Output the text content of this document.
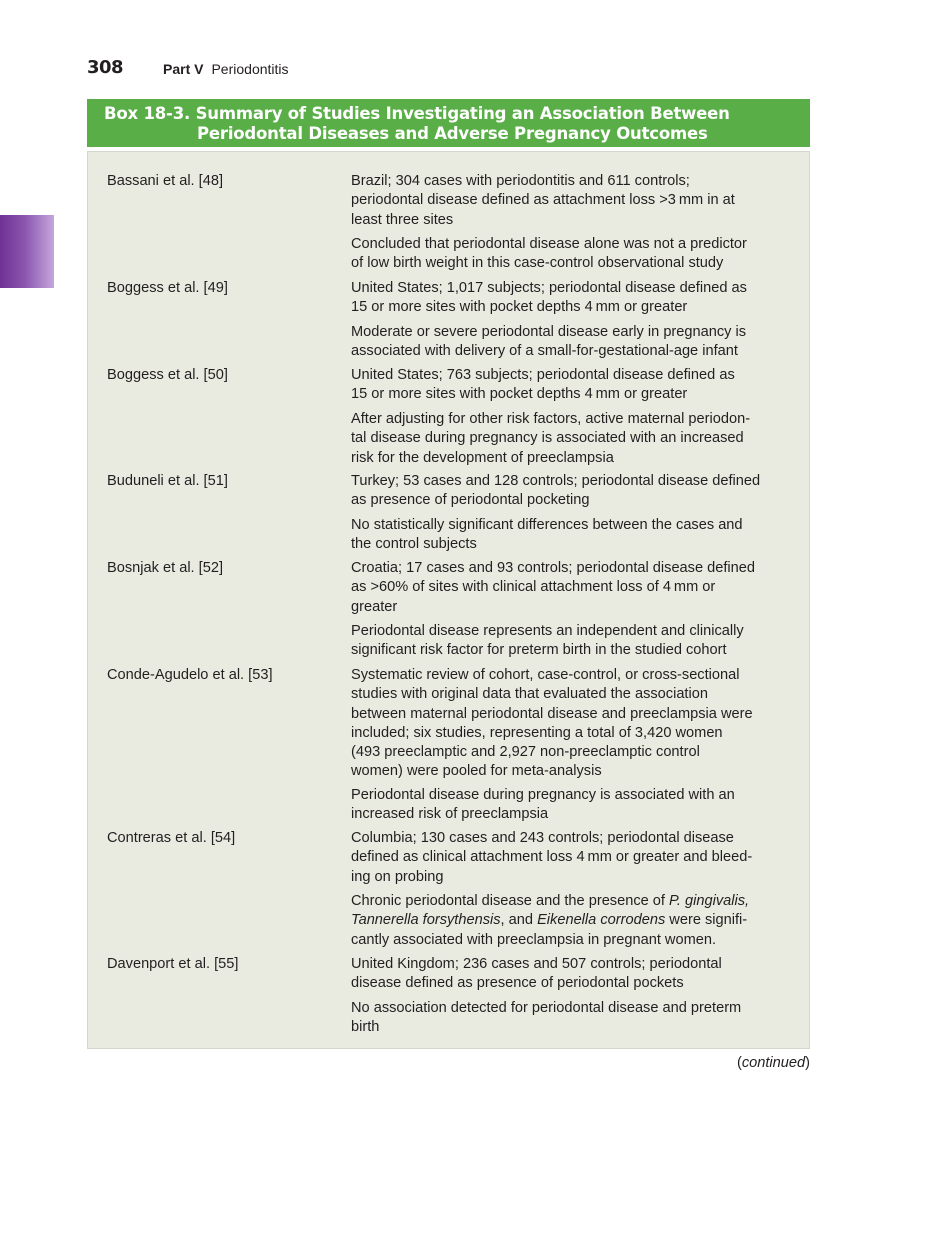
308	Part V Periodontitis
Box 18-3. Summary of Studies Investigating an Association Between
Periodontal Diseases and Adverse Pregnancy Outcomes
Bassani et al. [48]	Brazil; 304 cases with periodontitis and 611 controls;
periodontal disease defined as attachment loss >3 mm in at
least three sites
Concluded that periodontal disease alone was not a predictor
of low birth weight in this case-control observational study
Boggess et al. [49]	United States; 1,017 subjects; periodontal disease defined as
15 or more sites with pocket depths 4 mm or greater
Moderate or severe periodontal disease early in pregnancy is
associated with delivery of a small-for-gestational-age infant
Boggess et al. [50]	United States; 763 subjects; periodontal disease defined as
15 or more sites with pocket depths 4 mm or greater
After adjusting for other risk factors, active maternal periodon-
tal disease during pregnancy is associated with an increased
risk for the development of preeclampsia
Buduneli et al. [51]	Turkey; 53 cases and 128 controls; periodontal disease defined
as presence of periodontal pocketing
No statistically significant differences between the cases and
the control subjects
Bosnjak et al. [52]	Croatia; 17 cases and 93 controls; periodontal disease defined
as >60% of sites with clinical attachment loss of 4 mm or
greater
Periodontal disease represents an independent and clinically
significant risk factor for preterm birth in the studied cohort
Conde-Agudelo et al. [53]	Systematic review of cohort, case-control, or cross-sectional
studies with original data that evaluated the association
between maternal periodontal disease and preeclampsia were
included; six studies, representing a total of 3,420 women
(493 preeclamptic and 2,927 non-preeclamptic control
women) were pooled for meta-analysis
Periodontal disease during pregnancy is associated with an
increased risk of preeclampsia
Contreras et al. [54]	Columbia; 130 cases and 243 controls; periodontal disease
defined as clinical attachment loss 4 mm or greater and bleed-
ing on probing
Chronic periodontal disease and the presence of P. gingivalis,
Tannerella forsythensis, and Eikenella corrodens were signifi-
cantly associated with preeclampsia in pregnant women.
Davenport et al. [55]	United Kingdom; 236 cases and 507 controls; periodontal
disease defined as presence of periodontal pockets
No association detected for periodontal disease and preterm
birth
(continued)
